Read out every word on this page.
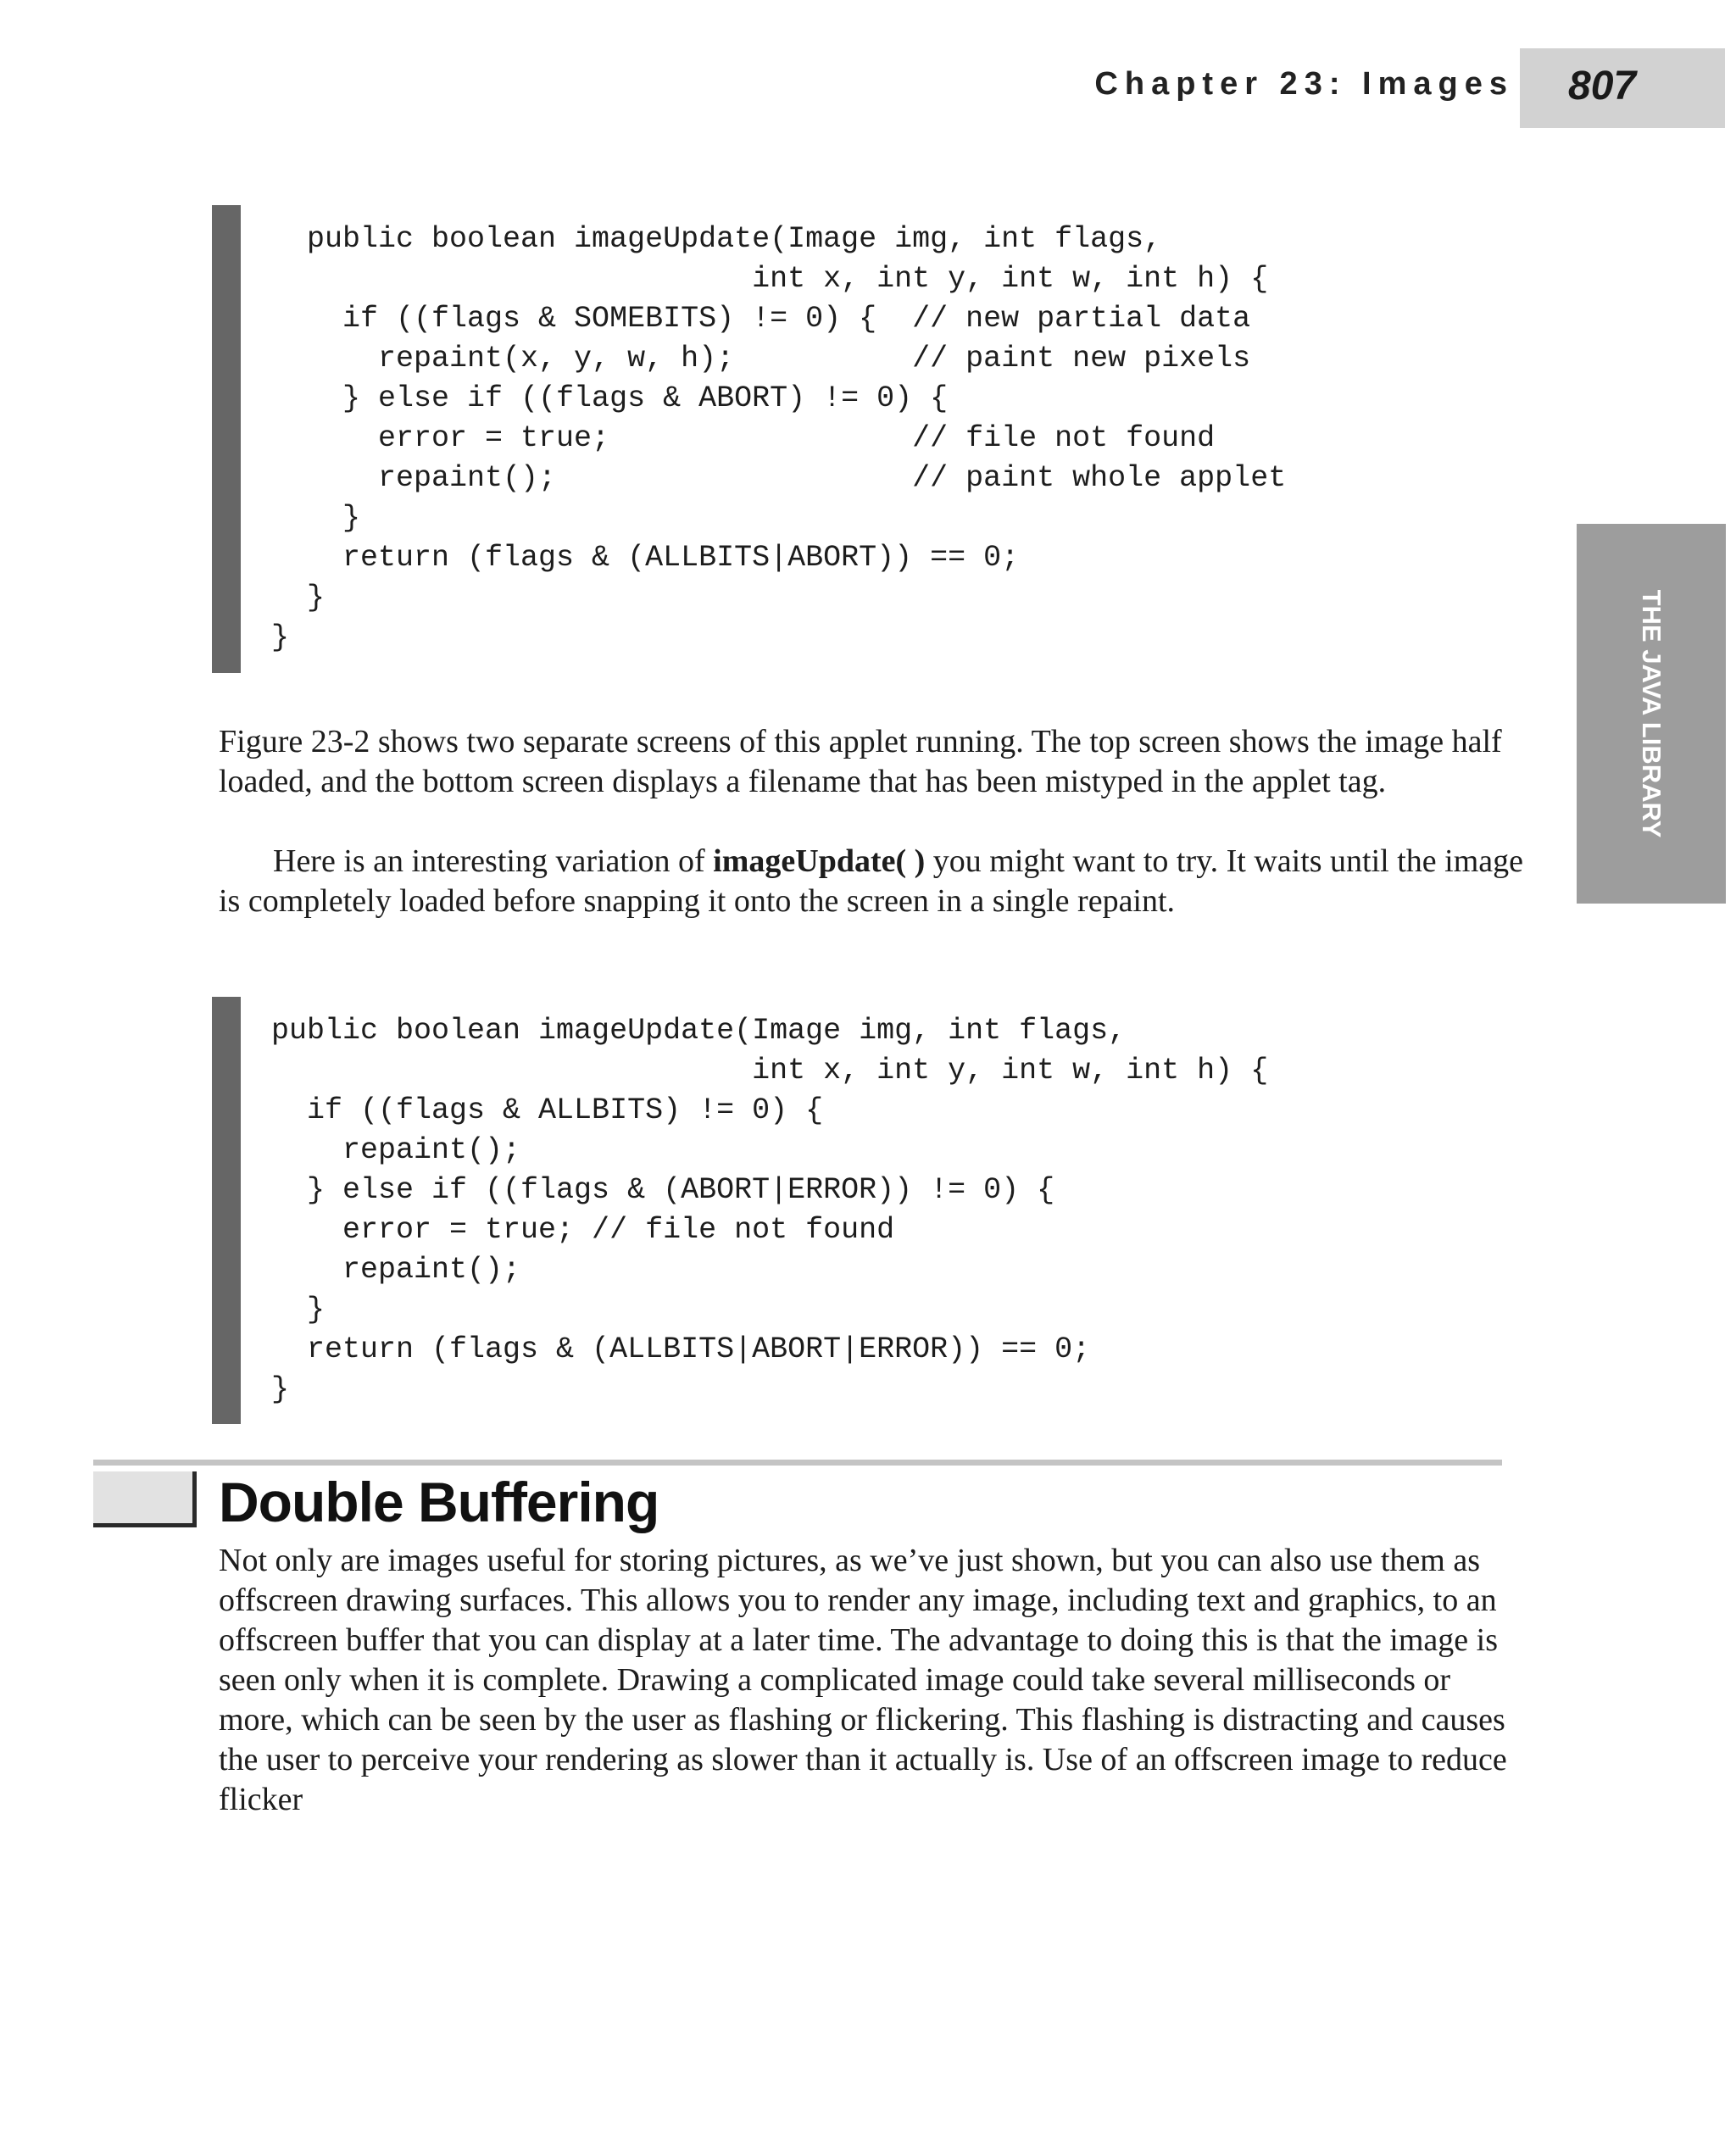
Chapter 23: Images 807
THE JAVA LIBRARY
public boolean imageUpdate(Image img, int flags,
int x, int y, int w, int h) {
if ((flags & SOMEBITS) != 0) {  // new partial data
repaint(x, y, w, h);          // paint new pixels
} else if ((flags & ABORT) != 0) {
error = true;                 // file not found
repaint();                    // paint whole applet
}
return (flags & (ALLBITS|ABORT)) == 0;
}
}

Figure 23-2 shows two separate screens of this applet running. The top screen shows the image half loaded, and the bottom screen displays a filename that has been mistyped in the applet tag.

Here is an interesting variation of imageUpdate( ) you might want to try. It waits until the image is completely loaded before snapping it onto the screen in a single repaint.

public boolean imageUpdate(Image img, int flags,
int x, int y, int w, int h) {
if ((flags & ALLBITS) != 0) {
repaint();
} else if ((flags & (ABORT|ERROR)) != 0) {
error = true; // file not found
repaint();
}
return (flags & (ALLBITS|ABORT|ERROR)) == 0;
}
Double Buffering

Not only are images useful for storing pictures, as we’ve just shown, but you can also use them as offscreen drawing surfaces. This allows you to render any image, including text and graphics, to an offscreen buffer that you can display at a later time. The advantage to doing this is that the image is seen only when it is complete. Drawing a complicated image could take several milliseconds or more, which can be seen by the user as flashing or flickering. This flashing is distracting and causes the user to perceive your rendering as slower than it actually is. Use of an offscreen image to reduce flicker
